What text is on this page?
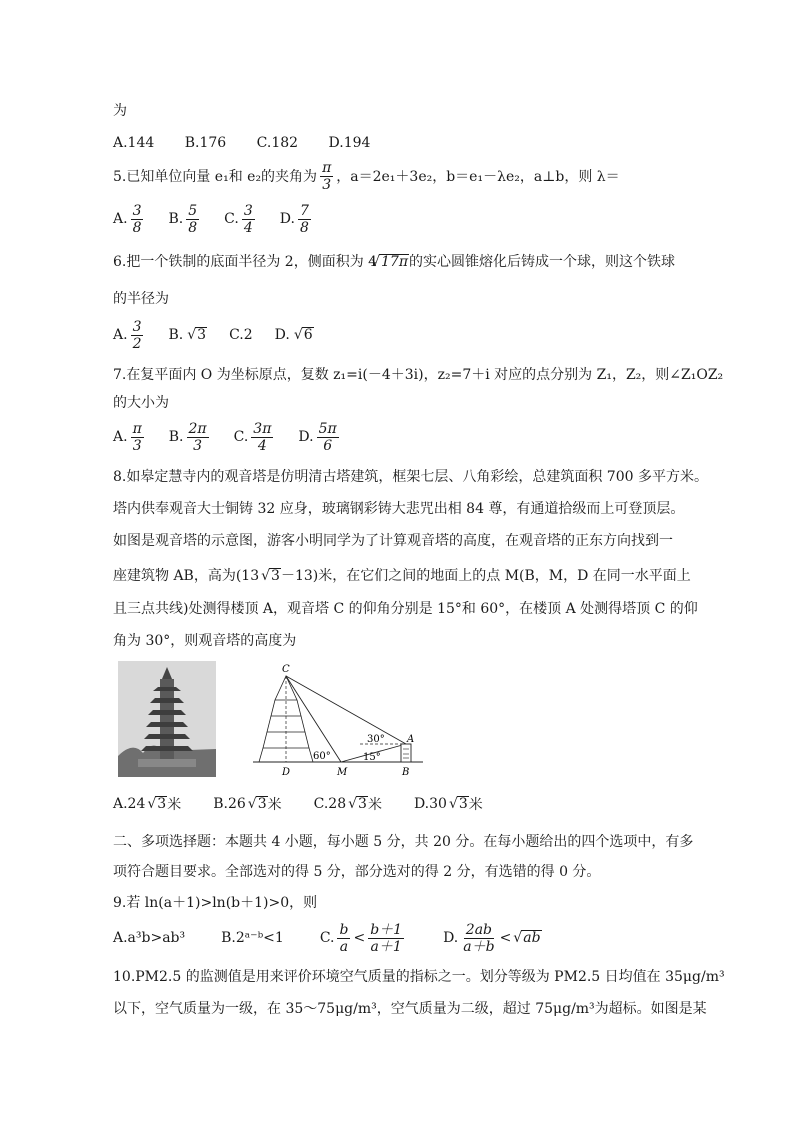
为
A.144 B.176 C.182 D.194
5.已知单位向量 e₁和 e₂的夹角为 $\frac{\pi}{3}$ ，a＝2e₁＋3e₂，b＝e₁－λe₂，a⊥b，则 λ＝
A. $\frac{3}{8} B$. $\frac{5}{8} C$. $\frac{3}{4} D$. $\frac{7}{8}$
6.把一个铁制的底面半径为 2，侧面积为 4 √ 17π的实心圆锥熔化后铸成一个球，则这个铁球
的半径为
A. $\frac{3}{2} B$. √ 3 C.2 D. √ 6
7.在复平面内 O 为坐标原点，复数 z₁=i(－4＋3i)，z₂=7＋i 对应的点分别为 Z₁，Z₂，则∠Z₁OZ₂
的大小为
A. $\frac{\pi}{3} B$. $\frac{2\pi}{3} C$. $\frac{3\pi}{4} D$. $\frac{5\pi}{6}$
8.如皋定慧寺内的观音塔是仿明清古塔建筑，框架七层、八角彩绘，总建筑面积 700 多平方米。
塔内供奉观音大士铜铸 32 应身，玻璃钢彩铸大悲咒出相 84 尊，有通道拾级而上可登顶层。
如图是观音塔的示意图，游客小明同学为了计算观音塔的高度，在观音塔的正东方向找到一
座建筑物 AB，高为(13 √ 3－13)米，在它们之间的地面上的点 M(B，M，D 在同一水平面上
且三点共线)处测得楼顶 A，观音塔 C 的仰角分别是 15°和 60°，在楼顶 A 处测得塔顶 C 的仰
角为 30°，则观音塔的高度为
C
A
D	M	B
30°
60°	15°
A.24 √ 3 米 B.26 √ 3 米 C.28 √ 3 米 D.30 √ 3 米
二、多项选择题：本题共 4 小题，每小题 5 分，共 20 分。在每小题给出的四个选项中，有多
项符合题目要求。全部选对的得 5 分，部分选对的得 2 分，有选错的得 0 分。
9.若 ln(a＋1)>ln(b＋1)>0，则
A.a³b>ab³	B.2ᵃ⁻ᵇ<1	C. $\frac{b}{a} < \frac{b+1}{a+1}$	D. $\frac{2ab}{a+b}$ < √ ab
10.PM2.5 的监测值是用来评价环境空气质量的指标之一。划分等级为 PM2.5 日均值在 35μg/m³
以下，空气质量为一级，在 35～75μg/m³，空气质量为二级，超过 75μg/m³为超标。如图是某
